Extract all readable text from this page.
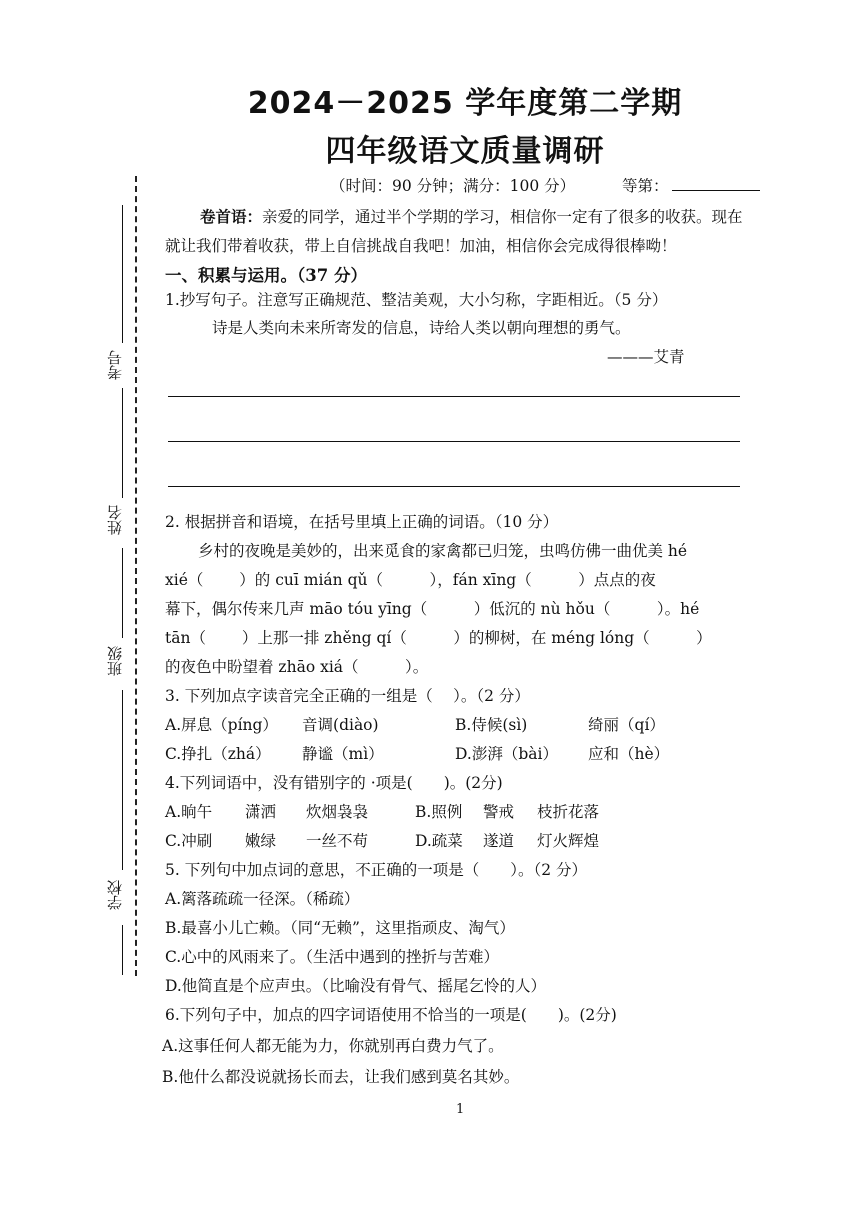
2024－2025 学年度第二学期
四年级语文质量调研
（时间：90 分钟；满分：100 分）	等第：
考号
姓名
班级
学校
卷首语：亲爱的同学，通过半个学期的学习，相信你一定有了很多的收获。现在
就让我们带着收获，带上自信挑战自我吧！加油，相信你会完成得很棒呦！
一、积累与运用。（37 分）
1.抄写句子。注意写正确规范、整洁美观，大小匀称，字距相近。（5 分）
诗是人类向未来所寄发的信息，诗给人类以朝向理想的勇气。
———艾青
2. 根据拼音和语境，在括号里填上正确的词语。（10 分）
乡村的夜晚是美妙的，出来觅食的家禽都已归笼，虫鸣仿佛一曲优美 hé
xié（　　 ）的 cuī mián qǔ（　　　），fán xīng（　　　）点点的夜
幕下，偶尔传来几声 māo tóu yīng（　　　）低沉的 nù hǒu（　　　）。hé
tān（　　 ）上那一排 zhěng qí（　　　）的柳树，在 méng lóng（　　　）
的夜色中盼望着 zhāo xiá（　　　）。
3. 下列加点字读音完全正确的一组是（　 ）。（2 分）
A.屏息（píng） 音调(diào)	B.侍候(sì)	绮丽（qí）
C.挣扎（zhá） 静谧（mì）	D.澎湃（bài） 应和（hè）
4.下列词语中，没有错别字的 ·项是(　　)。(2分)
A.晌午 潇洒 炊烟袅袅	B.照例 警戒 枝折花落
C.冲刷 嫩绿 一丝不苟	D.疏菜 遂道 灯火辉煌
5. 下列句中加点词的意思，不正确的一项是（　　）。（2 分）
A.篱落疏疏一径深。（稀疏）
B.最喜小儿亡赖。（同“无赖”，这里指顽皮、淘气）
C.心中的风雨来了。（生活中遇到的挫折与苦难）
D.他简直是个应声虫。（比喻没有骨气、摇尾乞怜的人）
6.下列句子中，加点的四字词语使用不恰当的一项是(　　)。(2分)
A.这事任何人都无能为力，你就别再白费力气了。
B.他什么都没说就扬长而去，让我们感到莫名其妙。
1
